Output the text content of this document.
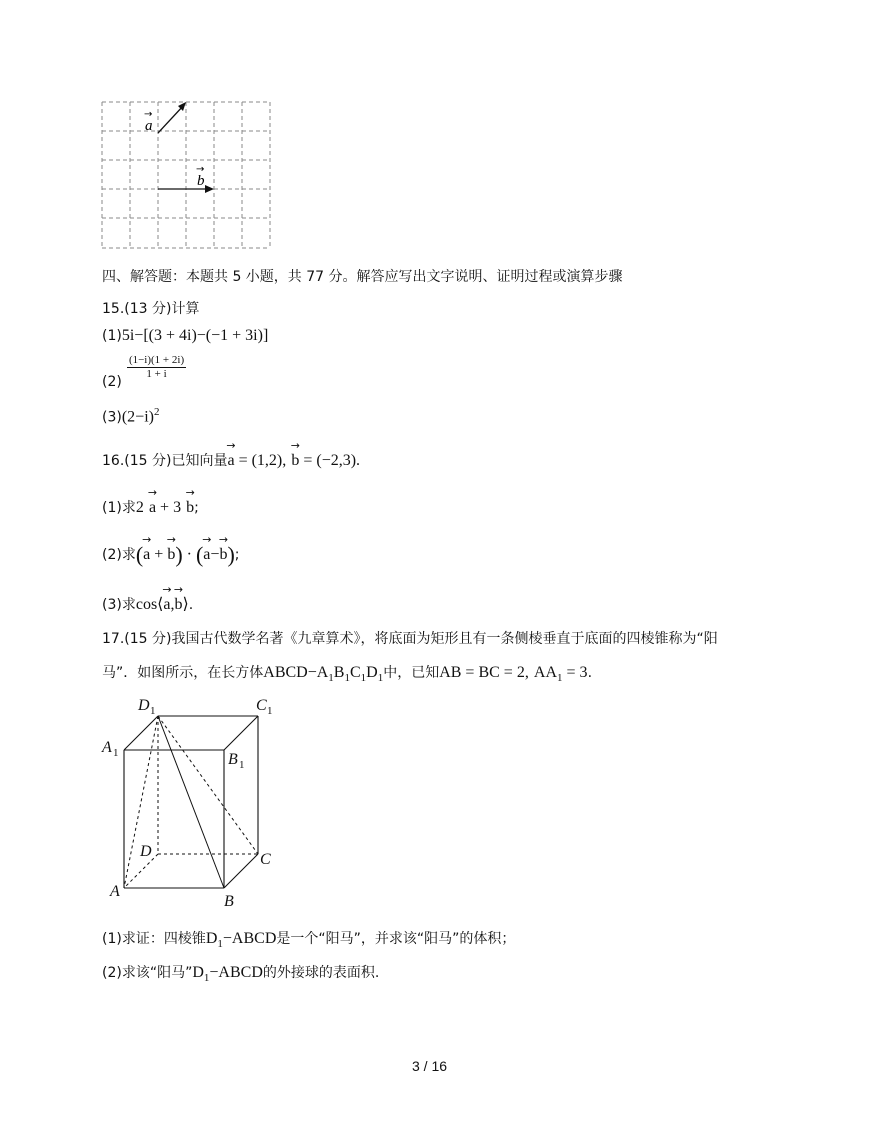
a
→
b
→
四、解答题：本题共 5 小题，共 77 分。解答应写出文字说明、证明过程或演算步骤
15.(13 分)计算
(1)5i−[(3 + 4i)−(−1 + 3i)]
(2)
$\frac{(1-i)(1 + 2i)}{1 + i}$
$(3)(2-i)^2$
16.(15 分)已知向量→ a = (1,2), → b = (−2,3).
(1)求2 → a + 3 → b;
(2)求(→ a + → b) · (→ a−→ b);
(3)求cos⟨→ a,→ b⟩.
17.(15 分)我国古代数学名著《九章算术》，将底面为矩形且有一条侧棱垂直于底面的四棱锥称为“阳
马”．如图所示，在长方体$ABCD-A_1B_1C_1D_1$中，已知AB = BC = 2, $AA_1 = 3$.
D 1	C 1
A 1	B 1
D	C
A
B
(1)求证：四棱锥$D_1-ABCD$是一个“阳马”，并求该“阳马”的体积；
(2)求该“阳马$”D_1-ABCD$的外接球的表面积.
3 / 16
